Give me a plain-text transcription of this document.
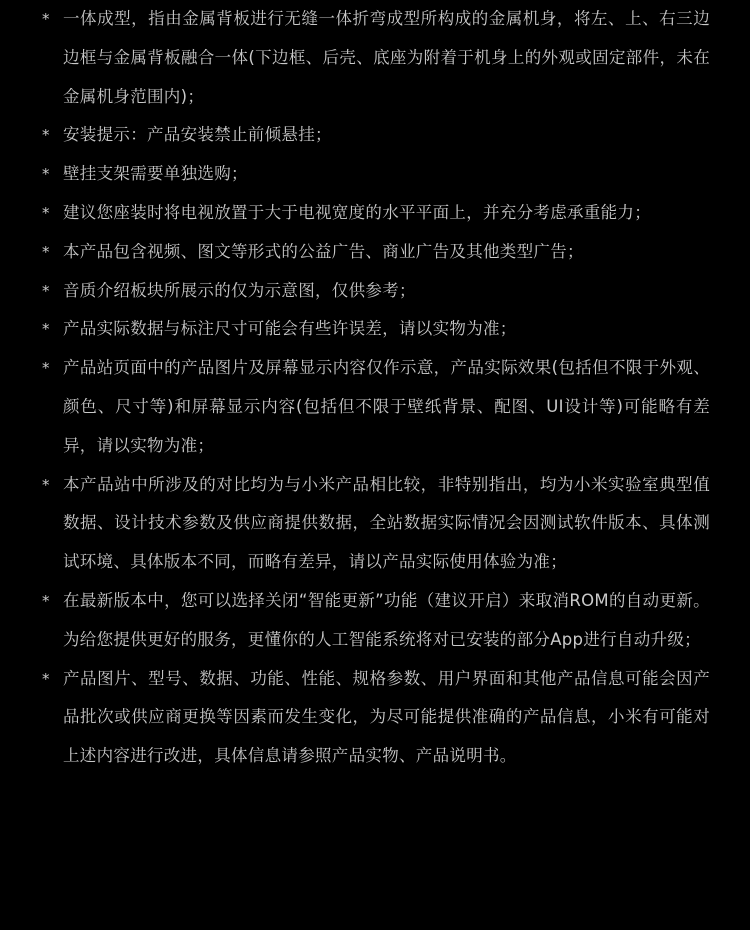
* 一体成型，指由金属背板进行无缝一体折弯成型所构成的金属机身，将左、上、右三边边框与金属背板融合一体(下边框、后壳、底座为附着于机身上的外观或固定部件，未在金属机身范围内)；
* 安装提示：产品安装禁止前倾悬挂；
* 壁挂支架需要单独选购；
* 建议您座装时将电视放置于大于电视宽度的水平平面上，并充分考虑承重能力；
* 本产品包含视频、图文等形式的公益广告、商业广告及其他类型广告；
* 音质介绍板块所展示的仅为示意图，仅供参考；
* 产品实际数据与标注尺寸可能会有些许误差，请以实物为准；
* 产品站页面中的产品图片及屏幕显示内容仅作示意，产品实际效果(包括但不限于外观、颜色、尺寸等)和屏幕显示内容(包括但不限于壁纸背景、配图、UI设计等)可能略有差异，请以实物为准；
* 本产品站中所涉及的对比均为与小米产品相比较，非特别指出，均为小米实验室典型值数据、设计技术参数及供应商提供数据，全站数据实际情况会因测试软件版本、具体测试环境、具体版本不同，而略有差异，请以产品实际使用体验为准；
* 在最新版本中，您可以选择关闭“智能更新”功能（建议开启）来取消ROM的自动更新。为给您提供更好的服务，更懂你的人工智能系统将对已安装的部分App进行自动升级；
* 产品图片、型号、数据、功能、性能、规格参数、用户界面和其他产品信息可能会因产品批次或供应商更换等因素而发生变化，为尽可能提供准确的产品信息，小米有可能对上述内容进行改进，具体信息请参照产品实物、产品说明书。
